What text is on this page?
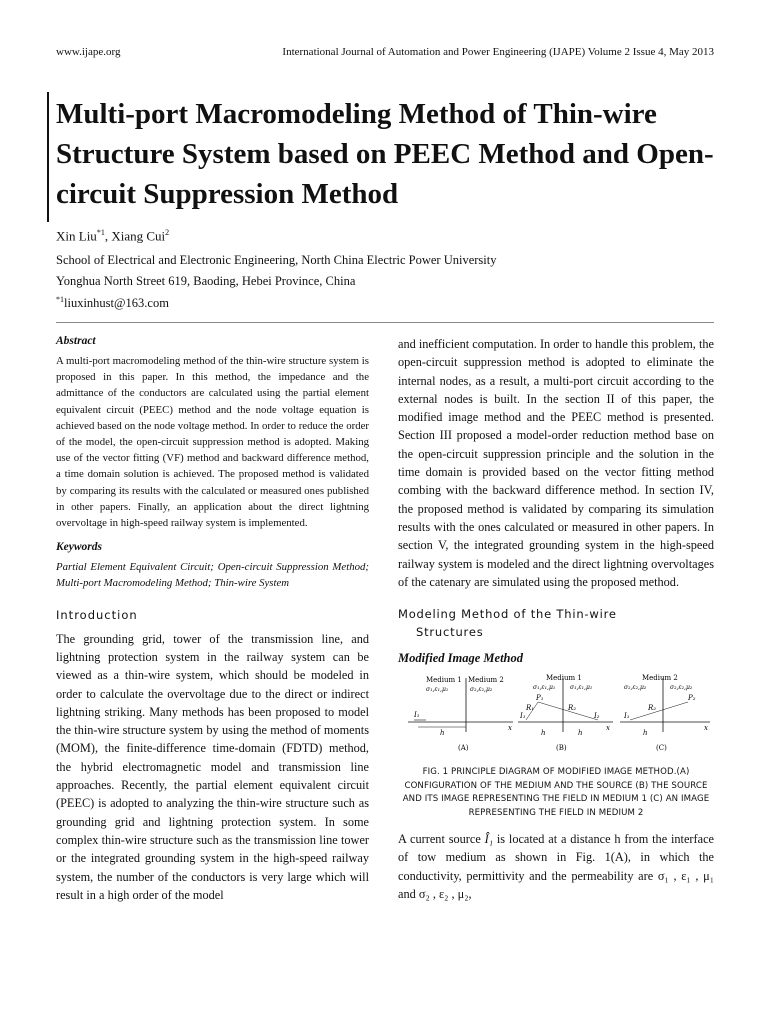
www.ijape.org	International Journal of Automation and Power Engineering (IJAPE) Volume 2 Issue 4, May 2013
Multi-port Macromodeling Method of Thin-wire Structure System based on PEEC Method and Open-circuit Suppression Method
Xin Liu$^{*1}$, Xiang Cui$^2$
School of Electrical and Electronic Engineering, North China Electric Power University
Yonghua North Street 619, Baoding, Hebei Province, China
$^{*1}$liuxinhust@163.com
Abstract

A multi-port macromodeling method of the thin-wire structure system is proposed in this paper. In this method, the impedance and the admittance of the conductors are calculated using the partial element equivalent circuit (PEEC) method and the node voltage equation is achieved based on the node voltage method. In order to reduce the order of the model, the open-circuit suppression method is adopted. Making use of the vector fitting (VF) method and backward difference method, a time domain solution is achieved. The proposed method is validated by comparing its results with the calculated or measured ones published in other papers. Finally, an application about the direct lightning overvoltage in high-speed railway system is implemented.

Keywords

Partial Element Equivalent Circuit; Open-circuit Suppression Method; Multi-port Macromodeling Method; Thin-wire System

Introduction

The grounding grid, tower of the transmission line, and lightning protection system in the railway system can be viewed as a thin-wire system, which should be modeled in order to calculate the overvoltage due to the direct or indirect lightning striking. Many methods has been proposed to model the thin-wire structure system by using the method of moments (MOM), the finite-difference time-domain (FDTD) method, the hybrid electromagnetic model and transmission line approaches. Recently, the partial element equivalent circuit (PEEC) is adopted to analyzing the thin-wire structure such as grounding grid and lightning protection system. In some complex thin-wire structure such as the transmission line tower or the integrated grounding system in the high-speed railway system, the number of the conductors is very large which will result in a high order of the model

and inefficient computation. In order to handle this problem, the open-circuit suppression method is adopted to eliminate the internal nodes, as a result, a multi-port circuit according to the external nodes is built. In the section II of this paper, the modified image method and the PEEC method is presented. Section III proposed a model-order reduction method base on the open-circuit suppression principle and the solution in the time domain is provided based on the vector fitting method combing with the backward difference method. In section IV, the proposed method is validated by comparing its simulation results with the ones calculated or measured in other papers. In section V, the integrated grounding system in the high-speed railway system is modeled and the direct lightning overvoltages of the catenary are simulated using the proposed method.

Modeling Method of the Thin-wire
Structures
Modified Image Method
Medium 1 Medium 2
σ₁,ε₁,μ₁	σ₂,ε₂,μ₂
I₁
h
x
(A)
Medium 1
σ₁,ε₁,μ₁ σ₁,ε₁,μ₁
P₁
R₁	R₂
I₁	I₂
h	h
x
(B)
Medium 2
σ₂,ε₂,μ₂	σ₂,ε₂,μ₂
P₂
R₂
I₁
h
x
(C)

FIG. 1 PRINCIPLE DIAGRAM OF MODIFIED IMAGE METHOD.(A) CONFIGURATION OF THE MEDIUM AND THE SOURCE (B) THE SOURCE AND ITS IMAGE REPRESENTING THE FIELD IN MEDIUM 1 (C) AN IMAGE REPRESENTING THE FIELD IN MEDIUM 2

A current source Î₁ is located at a distance h from the interface of tow medium as shown in Fig. 1(A), in which the conductivity, permittivity and the permeability are σ₁ , ε₁ , μ₁ and σ₂ , ε₂ , μ₂,
